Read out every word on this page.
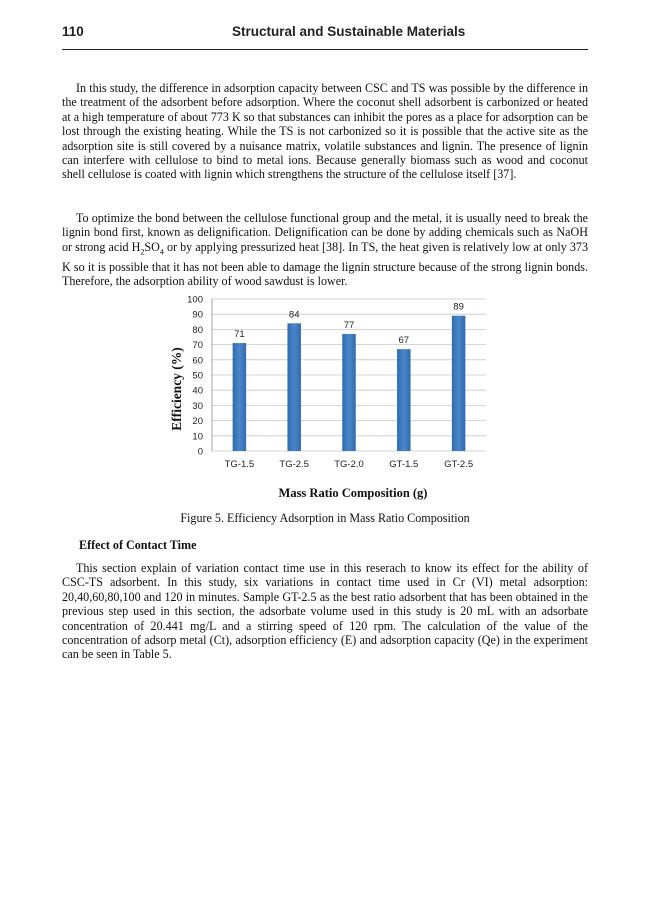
110	Structural and Sustainable Materials

In this study, the difference in adsorption capacity between CSC and TS was possible by the difference in the treatment of the adsorbent before adsorption. Where the coconut shell adsorbent is carbonized or heated at a high temperature of about 773 K so that substances can inhibit the pores as a place for adsorption can be lost through the existing heating. While the TS is not carbonized so it is possible that the active site as the adsorption site is still covered by a nuisance matrix, volatile substances and lignin. The presence of lignin can interfere with cellulose to bind to metal ions. Because generally biomass such as wood and coconut shell cellulose is coated with lignin which strengthens the structure of the cellulose itself [37].

To optimize the bond between the cellulose functional group and the metal, it is usually need to break the lignin bond first, known as delignification. Delignification can be done by adding chemicals such as NaOH or strong acid $H_2SO_4$ or by applying pressurized heat [38]. In TS, the heat given is relatively low at only 373 K so it is possible that it has not been able to damage the lignin structure because of the strong lignin bonds. Therefore, the adsorption ability of wood sawdust is lower.

0
10
20
30
40
50
60
70
80
90
100
71
84
77
67
89
TG-1.5	TG-2.5	TG-2.0	GT-1.5	GT-2.5
Efficiency (%)
Mass Ratio Composition (g)
Figure 5. Efficiency Adsorption in Mass Ratio Composition
Effect of Contact Time

This section explain of variation contact time use in this reserach to know its effect for the ability of CSC-TS adsorbent. In this study, six variations in contact time used in Cr (VI) metal adsorption: 20,40,60,80,100 and 120 in minutes. Sample GT-2.5 as the best ratio adsorbent that has been obtained in the previous step used in this section, the adsorbate volume used in this study is 20 mL with an adsorbate concentration of 20.441 mg/L and a stirring speed of 120 rpm. The calculation of the value of the concentration of adsorp metal (Ct), adsorption efficiency (E) and adsorption capacity (Qe) in the experiment can be seen in Table 5.
